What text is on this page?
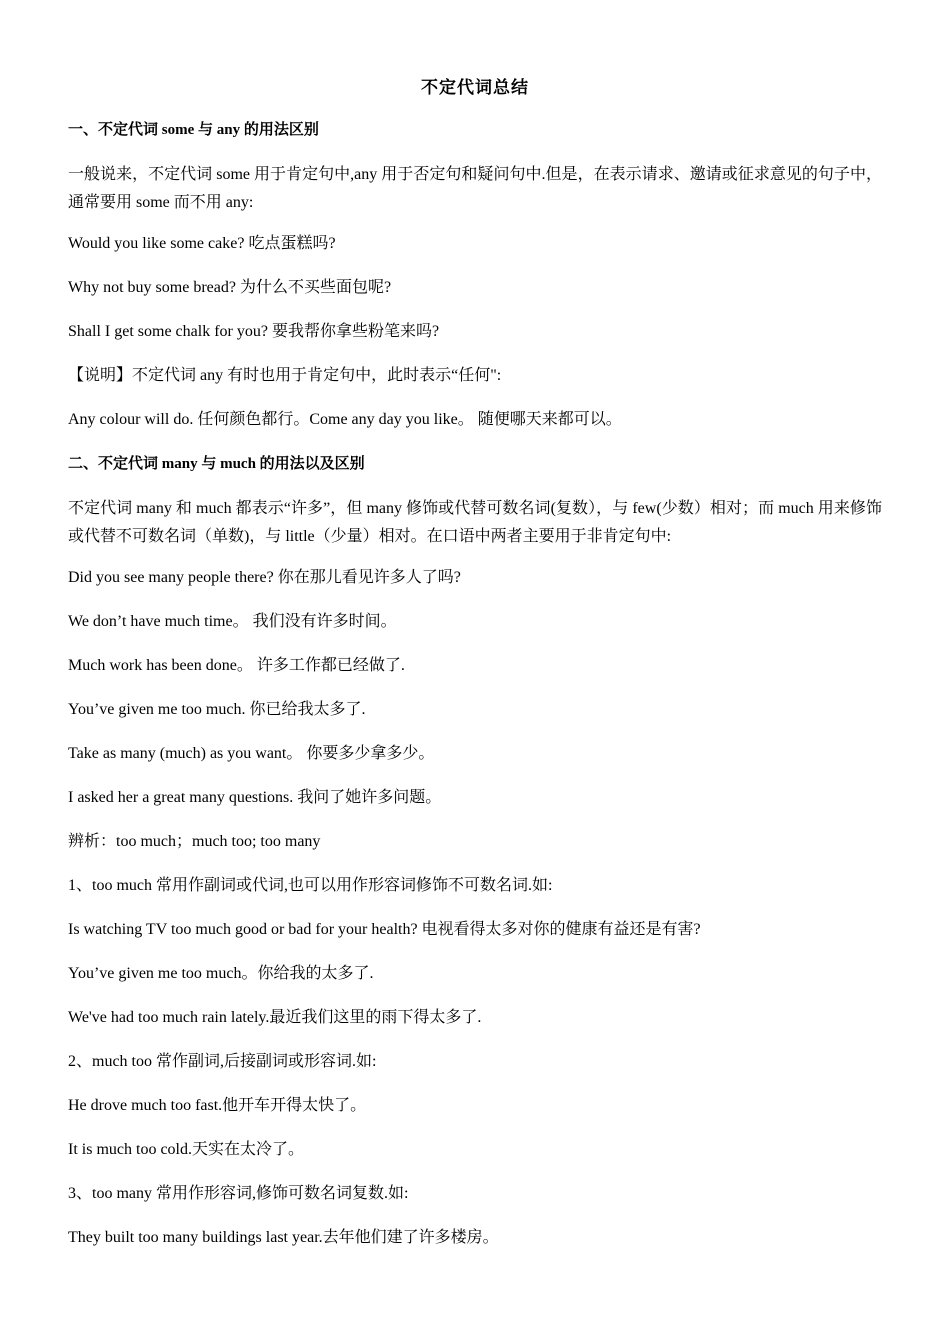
不定代词总结
一、不定代词 some 与 any 的用法区别
一般说来，不定代词 some 用于肯定句中,any 用于否定句和疑问句中.但是，在表示请求、邀请或征求意见的句子中，通常要用 some 而不用 any:
Would you like some cake? 吃点蛋糕吗?
Why not buy some bread? 为什么不买些面包呢?
Shall I get some chalk for you? 要我帮你拿些粉笔来吗?
【说明】不定代词 any 有时也用于肯定句中，此时表示“任何":
Any colour will do. 任何颜色都行。Come any day you like。 随便哪天来都可以。
二、不定代词 many 与 much 的用法以及区别
不定代词 many 和 much 都表示“许多”，但 many 修饰或代替可数名词(复数），与 few(少数）相对；而 much 用来修饰或代替不可数名词（单数)，与 little（少量）相对。在口语中两者主要用于非肯定句中:
Did you see many people there? 你在那儿看见许多人了吗?
We don’t have much time。 我们没有许多时间。
Much work has been done。 许多工作都已经做了.
You’ve given me too much. 你已给我太多了.
Take as many (much) as you want。 你要多少拿多少。
I asked her a great many questions. 我问了她许多问题。
辨析：too much；much too; too many
1、too much 常用作副词或代词,也可以用作形容词修饰不可数名词.如:
Is watching TV too much good or bad for your health? 电视看得太多对你的健康有益还是有害?
You’ve given me too much。你给我的太多了.
We've had too much rain lately.最近我们这里的雨下得太多了.
2、much too 常作副词,后接副词或形容词.如:
He drove much too fast.他开车开得太快了。
It is much too cold.天实在太冷了。
3、too many 常用作形容词,修饰可数名词复数.如:
They built too many buildings last year.去年他们建了许多楼房。
